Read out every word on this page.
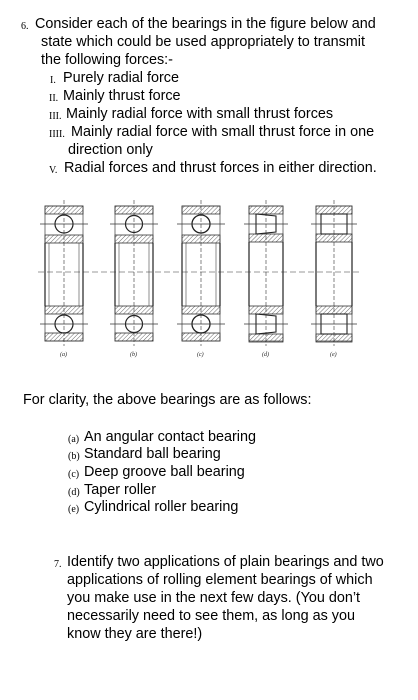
6. Consider each of the bearings in the figure below and
state which could be used appropriately to transmit
the following forces:-
I. Purely radial force
II. Mainly thrust force
III. Mainly radial force with small thrust forces
IIII. Mainly radial force with small thrust force in one
direction only
V. Radial forces and thrust forces in either direction.
(a)	(b)	(c)	(d)	(e)
For clarity, the above bearings are as follows:
(a) An angular contact bearing
(b) Standard ball bearing
(c) Deep groove ball bearing
(d) Taper roller
(e) Cylindrical roller bearing
7. Identify two applications of plain bearings and two
applications of rolling element bearings of which
you make use in the next few days. (You don’t
necessarily need to see them, as long as you
know they are there!)
